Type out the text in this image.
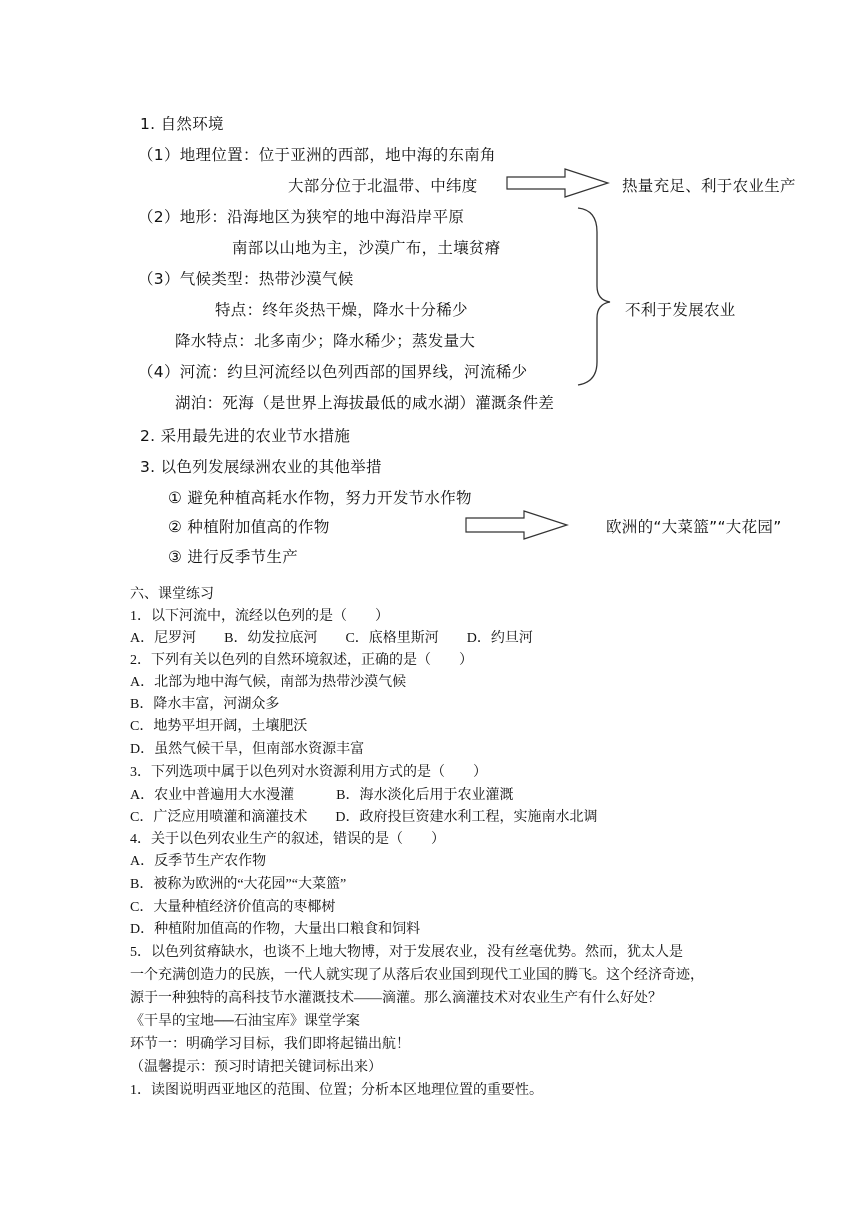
1. 自然环境
（1）地理位置：位于亚洲的西部，地中海的东南角
大部分位于北温带、中纬度	热量充足、利于农业生产
（2）地形：沿海地区为狭窄的地中海沿岸平原
南部以山地为主，沙漠广布，土壤贫瘠
（3）气候类型：热带沙漠气候
特点：终年炎热干燥，降水十分稀少	不利于发展农业
降水特点：北多南少；降水稀少；蒸发量大
（4）河流：约旦河流经以色列西部的国界线，河流稀少
湖泊：死海（是世界上海拔最低的咸水湖）灌溉条件差
2. 采用最先进的农业节水措施
3. 以色列发展绿洲农业的其他举措
① 避免种植高耗水作物，努力开发节水作物
② 种植附加值高的作物	欧洲的“大菜篮”“大花园”
③ 进行反季节生产
六、课堂练习
1．以下河流中，流经以色列的是（　　）
A．尼罗河　　B．幼发拉底河　　C．底格里斯河　　D．约旦河
2．下列有关以色列的自然环境叙述，正确的是（　　）
A．北部为地中海气候，南部为热带沙漠气候
B．降水丰富，河湖众多
C．地势平坦开阔，土壤肥沃
D．虽然气候干旱，但南部水资源丰富
3．下列选项中属于以色列对水资源利用方式的是（　　）
A．农业中普遍用大水漫灌　　　B．海水淡化后用于农业灌溉
C．广泛应用喷灌和滴灌技术　　D．政府投巨资建水利工程，实施南水北调
4．关于以色列农业生产的叙述，错误的是（　　）
A．反季节生产农作物
B．被称为欧洲的“大花园”“大菜篮”
C．大量种植经济价值高的枣椰树
D．种植附加值高的作物，大量出口粮食和饲料
5．以色列贫瘠缺水，也谈不上地大物博，对于发展农业，没有丝毫优势。然而，犹太人是
一个充满创造力的民族，一代人就实现了从落后农业国到现代工业国的腾飞。这个经济奇迹，
源于一种独特的高科技节水灌溉技术——滴灌。那么滴灌技术对农业生产有什么好处？
《干旱的宝地──石油宝库》课堂学案
环节一：明确学习目标，我们即将起锚出航！
（温馨提示：预习时请把关键词标出来）
1．读图说明西亚地区的范围、位置；分析本区地理位置的重要性。
